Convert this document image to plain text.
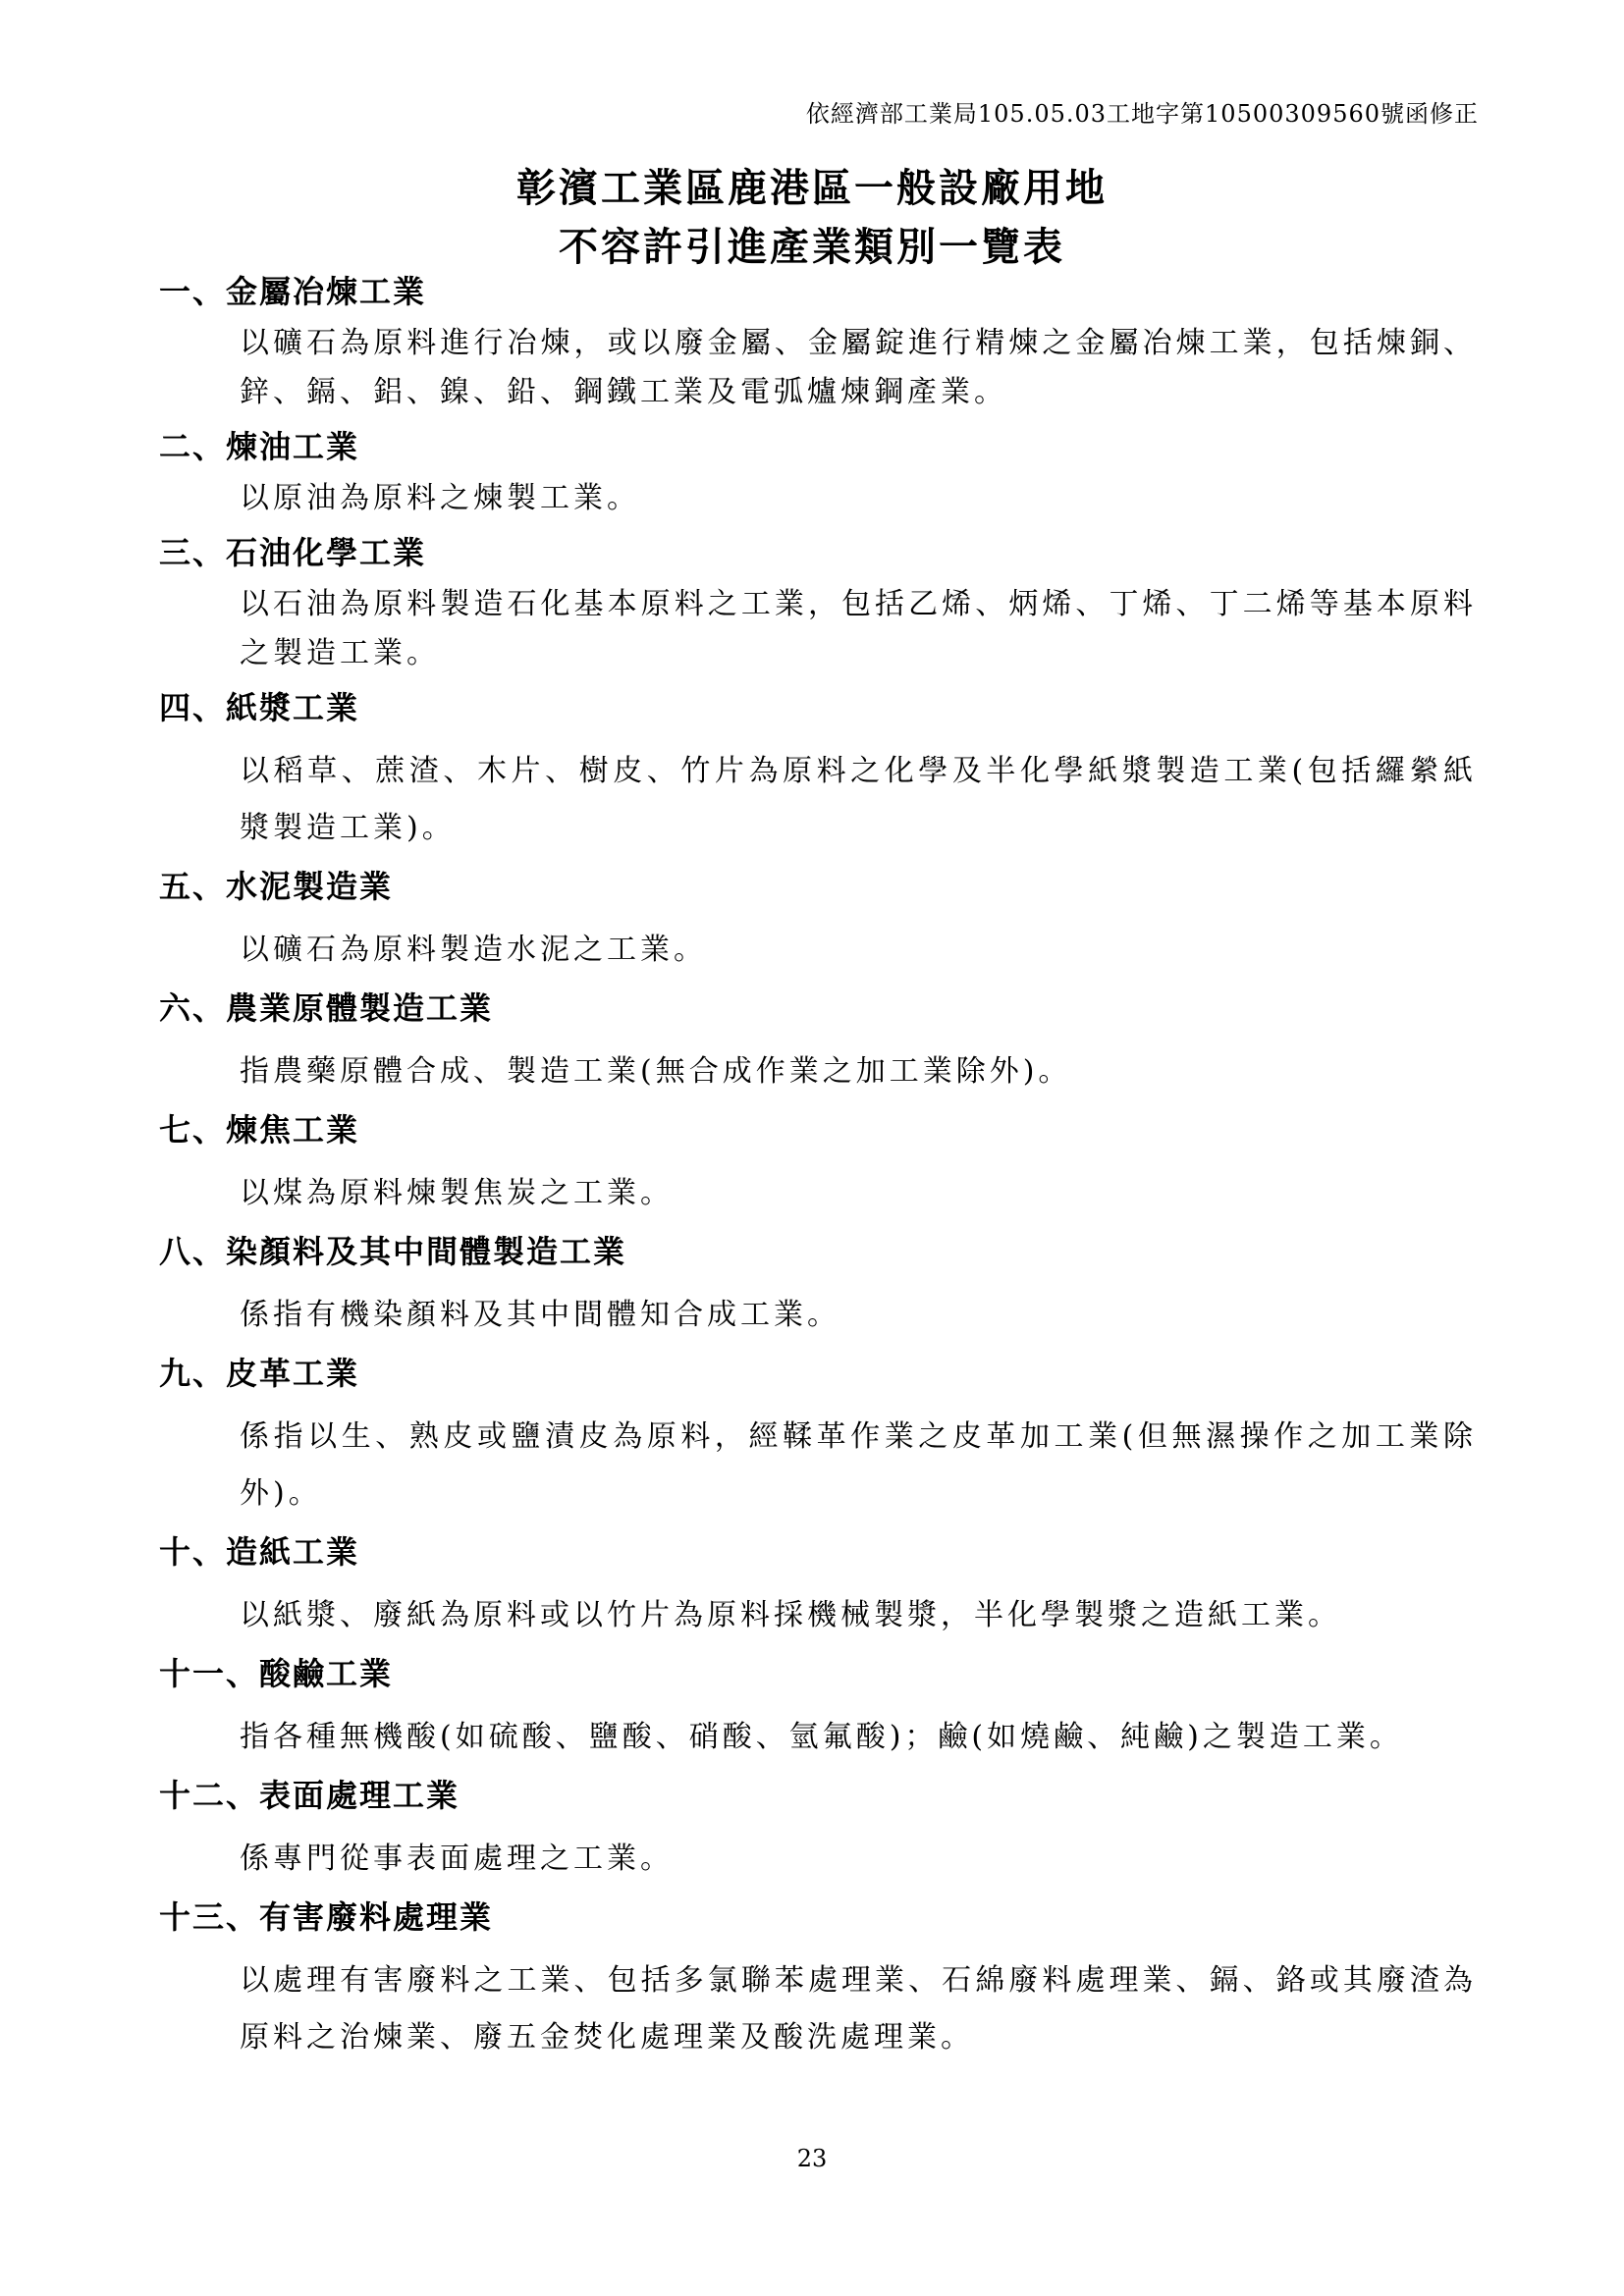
依經濟部工業局105.05.03工地字第10500309560號函修正
彰濱工業區鹿港區一般設廠用地
不容許引進產業類別一覽表
一、金屬冶煉工業
以礦石為原料進行冶煉，或以廢金屬、金屬錠進行精煉之金屬冶煉工業，包括煉銅、鋅、鎘、鋁、鎳、鉛、鋼鐵工業及電弧爐煉鋼產業。
二、煉油工業
以原油為原料之煉製工業。
三、石油化學工業
以石油為原料製造石化基本原料之工業，包括乙烯、炳烯、丁烯、丁二烯等基本原料之製造工業。
四、紙漿工業
以稻草、蔗渣、木片、樹皮、竹片為原料之化學及半化學紙漿製造工業(包括纙縈紙漿製造工業)。
五、水泥製造業
以礦石為原料製造水泥之工業。
六、農業原體製造工業
指農藥原體合成、製造工業(無合成作業之加工業除外)。
七、煉焦工業
以煤為原料煉製焦炭之工業。
八、染顏料及其中間體製造工業
係指有機染顏料及其中間體知合成工業。
九、皮革工業
係指以生、熟皮或鹽漬皮為原料，經鞣革作業之皮革加工業(但無濕操作之加工業除外)。
十、造紙工業
以紙漿、廢紙為原料或以竹片為原料採機械製漿，半化學製漿之造紙工業。
十一、酸鹼工業
指各種無機酸(如硫酸、鹽酸、硝酸、氫氟酸)；鹼(如燒鹼、純鹼)之製造工業。
十二、表面處理工業
係專門從事表面處理之工業。
十三、有害廢料處理業
以處理有害廢料之工業、包括多氯聯苯處理業、石綿廢料處理業、鎘、鉻或其廢渣為原料之治煉業、廢五金焚化處理業及酸洗處理業。
23
